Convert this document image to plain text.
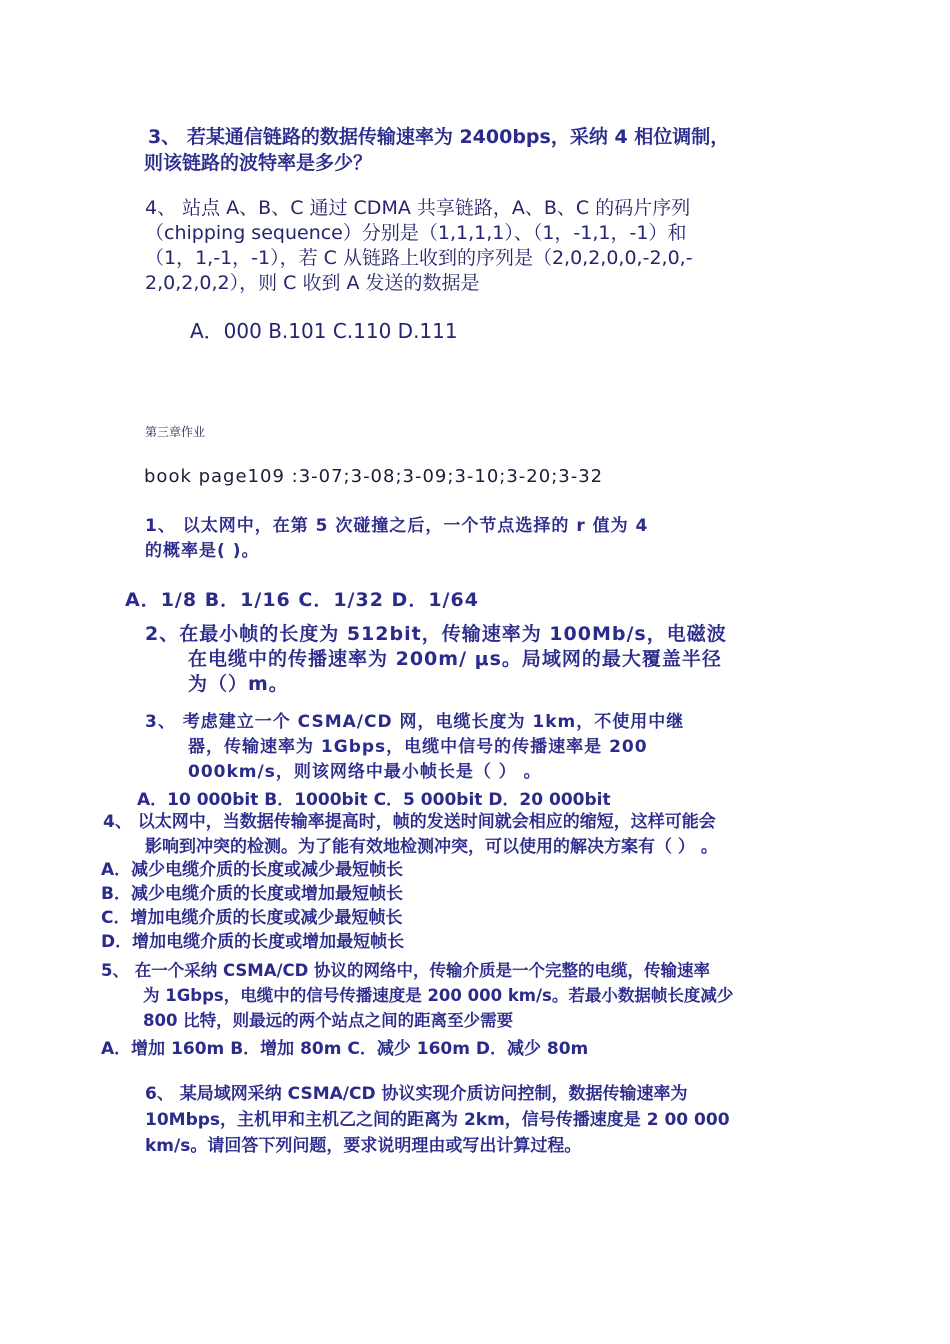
3、 若某通信链路的数据传输速率为 2400bps，采纳 4 相位调制，
则该链路的波特率是多少？
4、 站点 A、B、C 通过 CDMA 共享链路，A、B、C 的码片序列
（chipping sequence）分别是（1,1,1,1）、（1，-1,1，-1）和
（1，1,-1，-1），若 C 从链路上收到的序列是（2,0,2,0,0,-2,0,-
2,0,2,0,2），则 C 收到 A 发送的数据是
A．000 B.101 C.110 D.111
第三章作业
book page109 :3-07;3-08;3-09;3-10;3-20;3-32
1、 以太网中，在第 5 次碰撞之后，一个节点选择的 r 值为 4
的概率是( )。
A．1/8 B．1/16 C．1/32 D．1/64
2、在最小帧的长度为 512bit，传输速率为 100Mb/s，电磁波
在电缆中的传播速率为 200m/ μs。局域网的最大覆盖半径
为（）m。
3、 考虑建立一个 CSMA/CD 网，电缆长度为 1km，不使用中继
器，传输速率为 1Gbps，电缆中信号的传播速率是 200
000km/s，则该网络中最小帧长是（ ） 。
A．10 000bit B．1000bit C．5 000bit D．20 000bit
4、 以太网中，当数据传输率提高时，帧的发送时间就会相应的缩短，这样可能会
影响到冲突的检测。为了能有效地检测冲突，可以使用的解决方案有（ ） 。
A．减少电缆介质的长度或减少最短帧长
B．减少电缆介质的长度或增加最短帧长
C．增加电缆介质的长度或减少最短帧长
D．增加电缆介质的长度或增加最短帧长
5、 在一个采纳 CSMA/CD 协议的网络中，传输介质是一个完整的电缆，传输速率
为 1Gbps，电缆中的信号传播速度是 200 000 km/s。若最小数据帧长度减少
800 比特，则最远的两个站点之间的距离至少需要
A．增加 160m B．增加 80m C．减少 160m D．减少 80m
6、 某局域网采纳 CSMA/CD 协议实现介质访问控制，数据传输速率为
10Mbps，主机甲和主机乙之间的距离为 2km，信号传播速度是 2 00 000
km/s。请回答下列问题，要求说明理由或写出计算过程。
